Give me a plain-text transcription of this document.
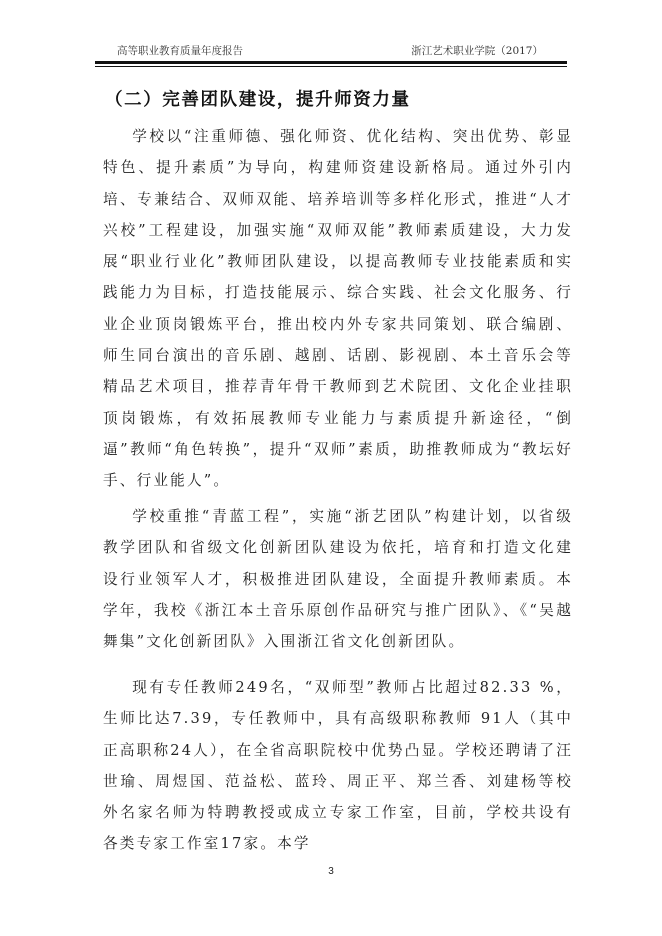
高等职业教育质量年度报告	浙江艺术职业学院（2017）
（二）完善团队建设，提升师资力量

学校以“注重师德、强化师资、优化结构、突出优势、彰显特色、提升素质”为导向，构建师资建设新格局。通过外引内培、专兼结合、双师双能、培养培训等多样化形式，推进“人才兴校”工程建设，加强实施“双师双能”教师素质建设，大力发展“职业行业化”教师团队建设，以提高教师专业技能素质和实践能力为目标，打造技能展示、综合实践、社会文化服务、行业企业顶岗锻炼平台，推出校内外专家共同策划、联合编剧、师生同台演出的音乐剧、越剧、话剧、影视剧、本土音乐会等精品艺术项目，推荐青年骨干教师到艺术院团、文化企业挂职顶岗锻炼，有效拓展教师专业能力与素质提升新途径，“倒逼”教师“角色转换”，提升“双师”素质，助推教师成为“教坛好手、行业能人”。

学校重推“青蓝工程”，实施“浙艺团队”构建计划，以省级教学团队和省级文化创新团队建设为依托，培育和打造文化建设行业领军人才，积极推进团队建设，全面提升教师素质。本学年，我校《浙江本土音乐原创作品研究与推广团队》、《“吴越舞集”文化创新团队》入围浙江省文化创新团队。

现有专任教师249名，“双师型”教师占比超过82.33 %，生师比达7.39，专任教师中，具有高级职称教师 91人（其中正高职称24人），在全省高职院校中优势凸显。学校还聘请了汪世瑜、周煜国、范益松、蓝玲、周正平、郑兰香、刘建杨等校外名家名师为特聘教授或成立专家工作室，目前，学校共设有各类专家工作室17家。本学

3
